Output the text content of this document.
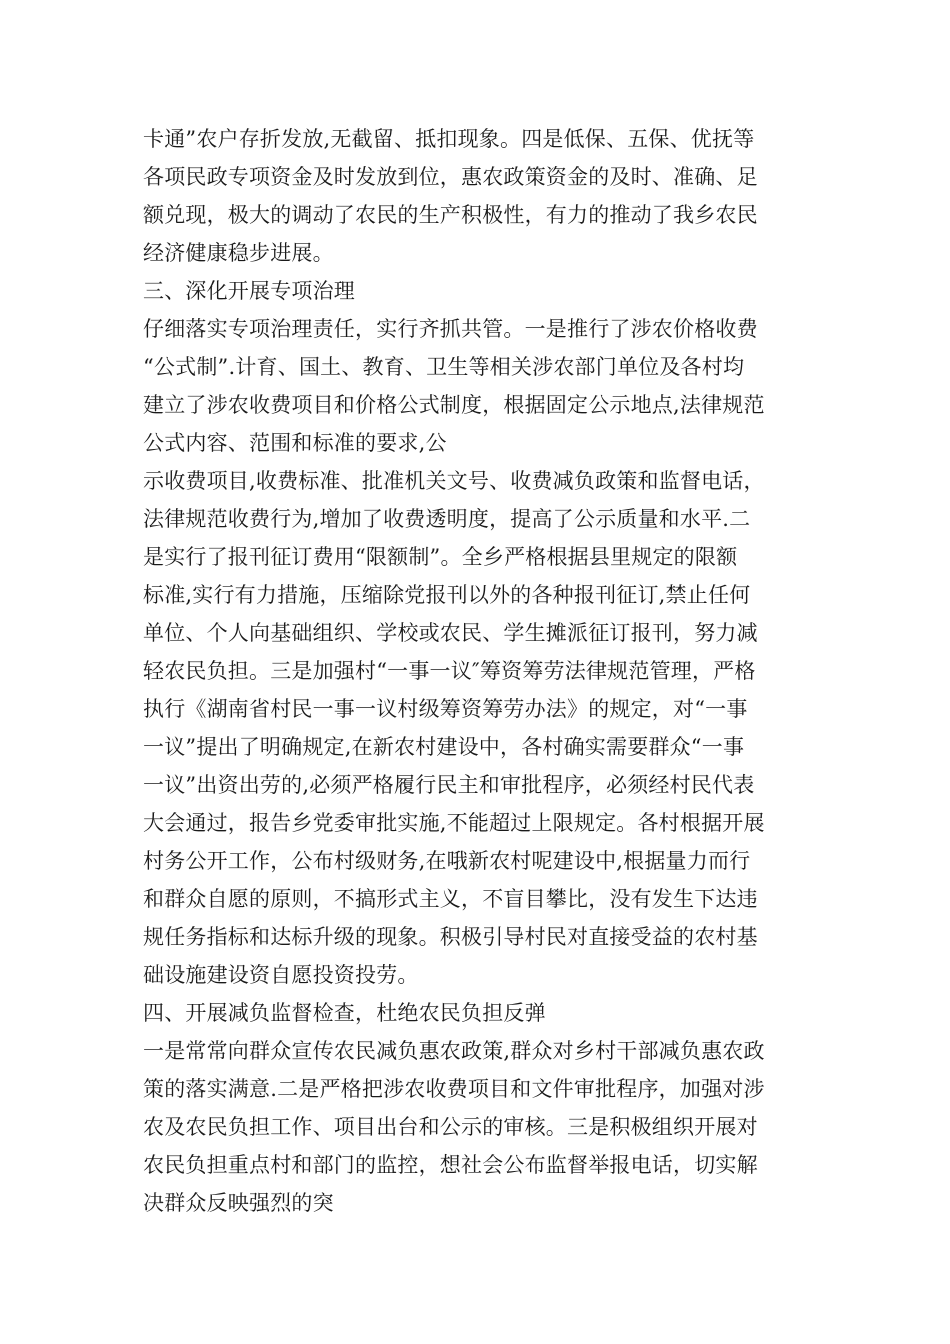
卡通”农户存折发放,无截留、抵扣现象。四是低保、五保、优抚等
各项民政专项资金及时发放到位，惠农政策资金的及时、准确、足
额兑现，极大的调动了农民的生产积极性，有力的推动了我乡农民
经济健康稳步进展。
三、深化开展专项治理
仔细落实专项治理责任，实行齐抓共管。一是推行了涉农价格收费
“公式制”.计育、国土、教育、卫生等相关涉农部门单位及各村均
建立了涉农收费项目和价格公式制度，根据固定公示地点,法律规范
公式内容、范围和标准的要求,公
示收费项目,收费标准、批准机关文号、收费减负政策和监督电话，
法律规范收费行为,增加了收费透明度，提高了公示质量和水平.二
是实行了报刊征订费用“限额制”。全乡严格根据县里规定的限额
标准,实行有力措施，压缩除党报刊以外的各种报刊征订,禁止任何
单位、个人向基础组织、学校或农民、学生摊派征订报刊，努力减
轻农民负担。三是加强村“一事一议″筹资筹劳法律规范管理，严格
执行《湖南省村民一事一议村级筹资筹劳办法》的规定，对“一事
一议”提出了明确规定,在新农村建设中，各村确实需要群众“一事
一议”出资出劳的,必须严格履行民主和审批程序，必须经村民代表
大会通过，报告乡党委审批实施,不能超过上限规定。各村根据开展
村务公开工作，公布村级财务,在哦新农村呢建设中,根据量力而行
和群众自愿的原则，不搞形式主义，不盲目攀比，没有发生下达违
规任务指标和达标升级的现象。积极引导村民对直接受益的农村基
础设施建设资自愿投资投劳。
四、开展减负监督检查，杜绝农民负担反弹
一是常常向群众宣传农民减负惠农政策,群众对乡村干部减负惠农政
策的落实满意.二是严格把涉农收费项目和文件审批程序，加强对涉
农及农民负担工作、项目出台和公示的审核。三是积极组织开展对
农民负担重点村和部门的监控，想社会公布监督举报电话，切实解
决群众反映强烈的突
